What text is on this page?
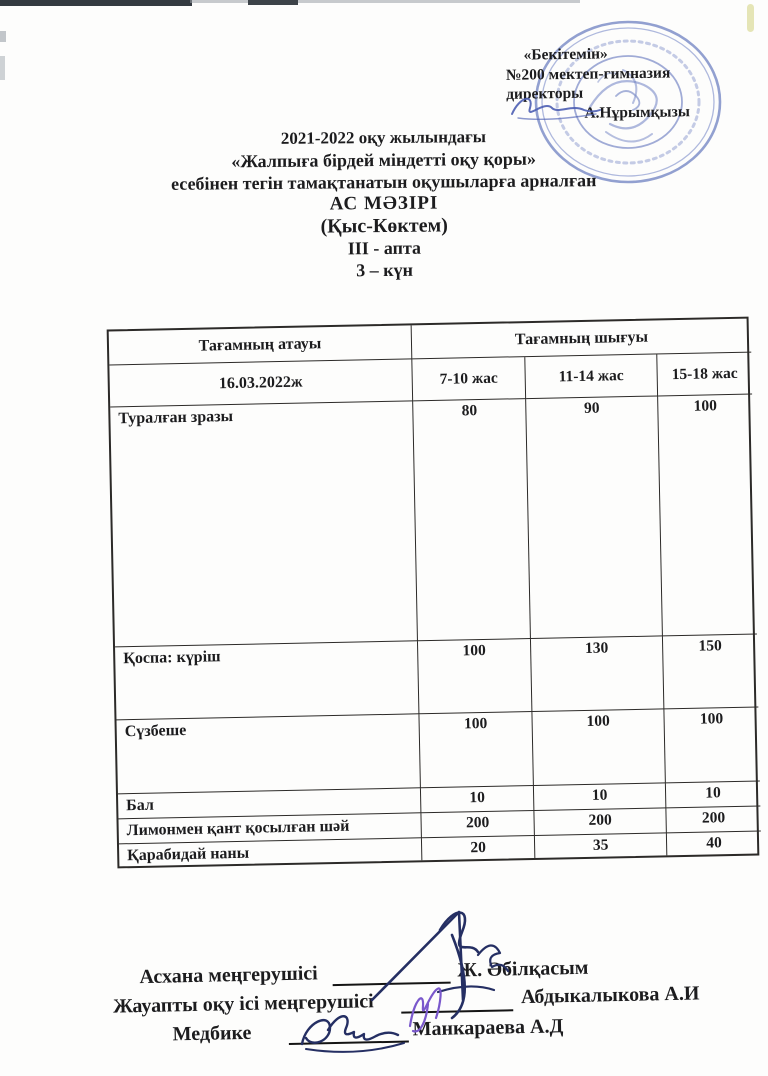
«Бекітемін»
№200 мектеп-гимназия
директоры
А.Нұрымқызы
2021-2022 оқу жылындағы
«Жалпыға бірдей міндетті оқу қоры»
есебінен тегін тамақтанатын оқушыларға арналған
АС МӘЗІРІ
(Қыс-Көктем)
III - апта
3 – күн
Тағамның атауы	Тағамның шығуы
16.03.2022ж	7-10 жас	11-14 жас	15-18 жас
Туралған зразы	80	90	100
Қоспа: күріш	100	130	150
Сүзбеше	100	100	100
Бал	10	10	10
Лимонмен қант қосылған шәй	200	200	200
Қарабидай наны	20	35	40
Асхана меңгерушісі	Ж. Әбілқасым
Жауапты оқу ісі меңгерушісі	Абдыкалыкова А.И
Медбике	Манкараева А.Д
